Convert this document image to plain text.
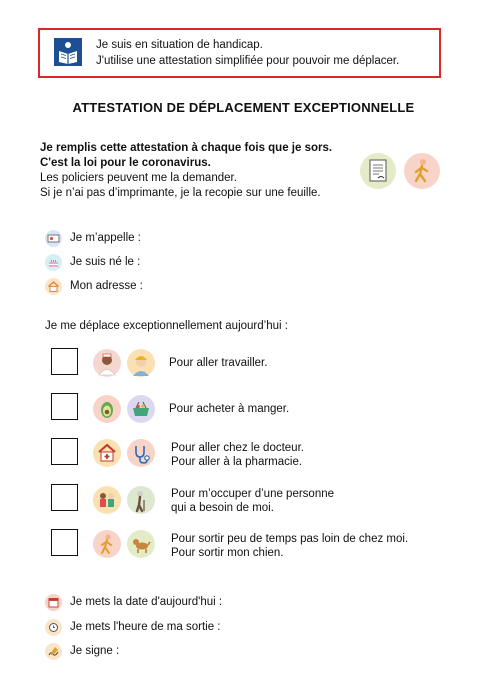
Je suis en situation de handicap.
J'utilise une attestation simplifiée pour pouvoir me déplacer.
ATTESTATION DE DÉPLACEMENT EXCEPTIONNELLE
Je remplis cette attestation à chaque fois que je sors.
C'est la loi pour le coronavirus.
Les policiers peuvent me la demander.
Si je n’ai pas d’imprimante, je la recopie sur une feuille.
Je m’appelle :
Je suis né le :
Mon adresse :
Je me déplace exceptionnellement aujourd’hui :
Pour aller travailler.
Pour acheter à manger.
Pour aller chez le docteur.
Pour aller à la pharmacie.
Pour m’occuper d’une personne
qui a besoin de moi.
Pour sortir peu de temps pas loin de chez moi.
Pour sortir mon chien.
Je mets la date d'aujourd'hui :
Je mets l'heure de ma sortie :
Je signe :
